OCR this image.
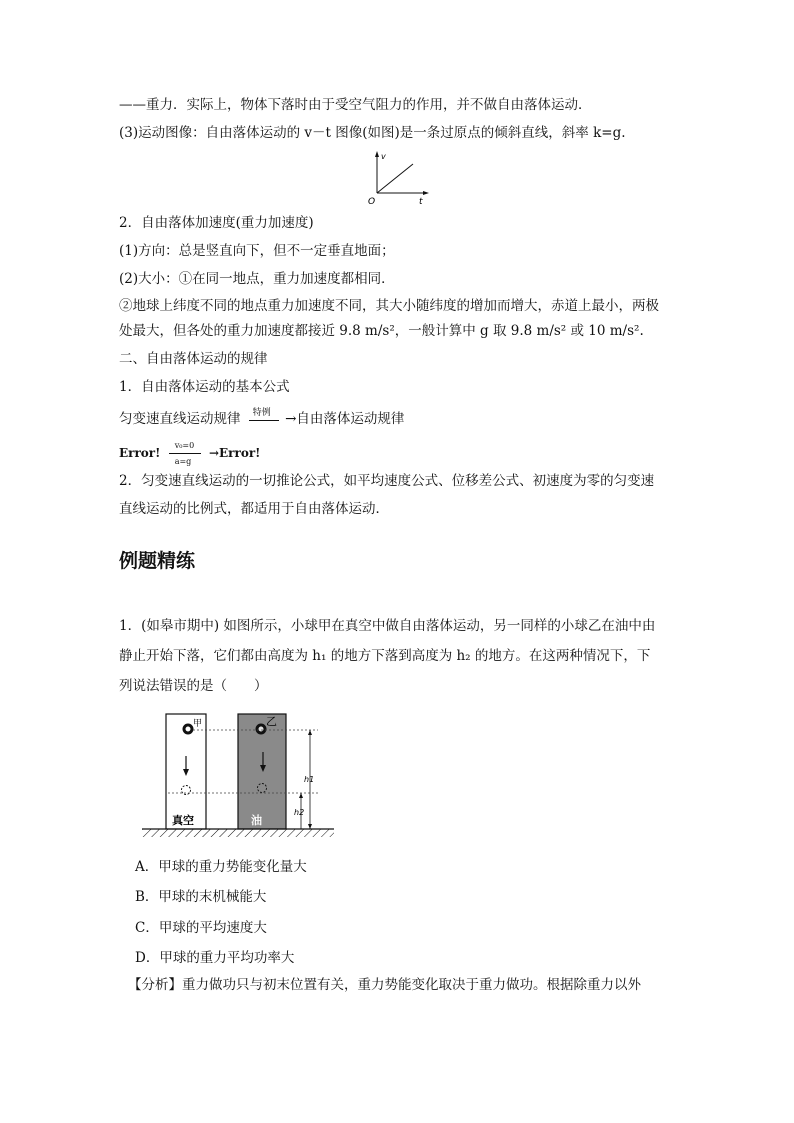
——重力．实际上，物体下落时由于受空气阻力的作用，并不做自由落体运动．
(3)运动图像：自由落体运动的 v－t 图像(如图)是一条过原点的倾斜直线，斜率 k=g.
v
t
O
2．自由落体加速度(重力加速度)
(1)方向：总是竖直向下，但不一定垂直地面；
(2)大小：①在同一地点，重力加速度都相同．
②地球上纬度不同的地点重力加速度不同，其大小随纬度的增加而增大，赤道上最小，两极
处最大，但各处的重力加速度都接近 9.8 m/s²，一般计算中 g 取 9.8 m/s² 或 10 m/s².
二、自由落体运动的规律
1．自由落体运动的基本公式
匀变速直线运动规律 特例 →自由落体运动规律
Error! $\frac{\text{v₀=0}}{a=g}$ →Error!
2．匀变速直线运动的一切推论公式，如平均速度公式、位移差公式、初速度为零的匀变速
直线运动的比例式，都适用于自由落体运动．
例题精练
1．(如皋市期中) 如图所示，小球甲在真空中做自由落体运动，另一同样的小球乙在油中由
静止开始下落，它们都由高度为 h₁ 的地方下落到高度为 h₂ 的地方。在这两种情况下，下
列说法错误的是（　　）
甲	乙
h1
h2
真空	油
A．甲球的重力势能变化量大
B．甲球的末机械能大
C．甲球的平均速度大
D．甲球的重力平均功率大
【分析】重力做功只与初末位置有关，重力势能变化取决于重力做功。根据除重力以外
